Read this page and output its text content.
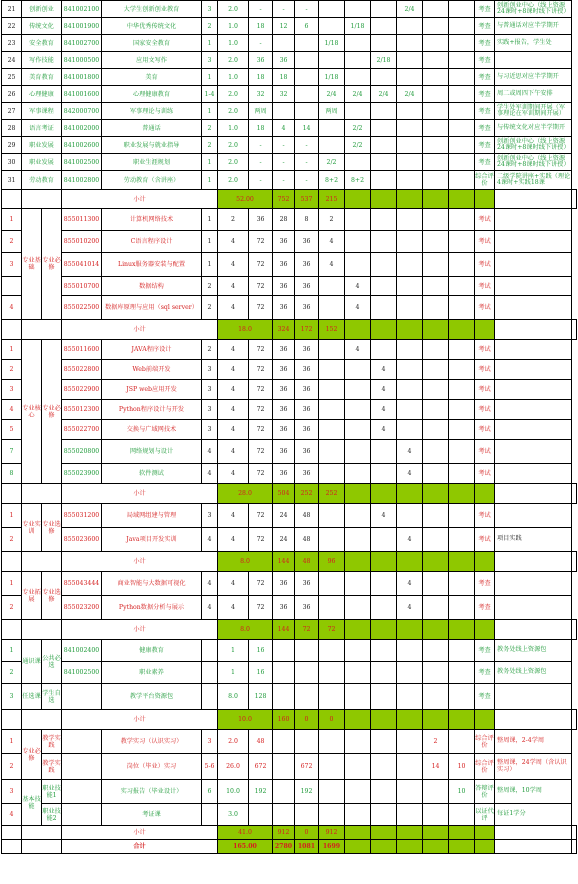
21	创新创业		841002100	大学生创新创业教育	3	2.0	-	-	-				2/4			考查	创新创业中心（线上资源24课时+8课时线下讲授）	
22	传统文化		841001900	中华优秀传统文化	2	1.0	18	12	6		1/18					考查	与普通话对应半学期开	
23	安全教育		841002700	国家安全教育	1	1.0	-			1/18						考查	实践+报告，学生处	
24	写作技能		841000500	应用文写作	3	2.0	36	36				2/18				考查		
25	美育教育		841001800	美育	1	1.0	18	18		1/18						考查	与习近思对应半学期开	
26	心理健康		841001600	心理健康教育	1-4	2.0	32	32		2/4	2/4	2/4	2/4			考查	周二或周四下午安排	
27	军事课程		842000700	军事理论与训练	1	2.0	两周			两周						考查	学生处军训期间开展（军事理论在军训期间开展）	
28	语言考证		841002000	普通话	2	1.0	18	4	14		2/2					考查	与传统文化对应半学期开	
29	职业发展		841002600	职业发展与就业指导	2	2.0	-	-	-		2/2					考查	创新创业中心（线上资源24课时+8课时线下讲授）	
30	职业发展		841002500	职业生涯规划	1	2.0	-	-	-	2/2						考查	创新创业中心（线上资源24课时+8课时线下讲授）	
31	劳动教育		841002800	劳动教育（含讲座）	1	2.0	-	-	-	8+2	8+2					综合评价	二级学院讲座+实践（理论4课时+实践18课	
			小计			52.00		752	537	215								
1	专业基础	专业必修	855011300	计算机网络技术	1	2	36	28	8	2						考试		
2			855010200	C语言程序设计	1	4	72	36	36	4						考试		
3			855041014	Linux服务器安装与配置	1	4	72	36	36	4						考试		
			855010700	数据结构	2	4	72	36	36		4					考试		
4			855022500	数据库原理与应用（sql server）	2	4	72	36	36		4					考试		
			小计			18.0		324	172	152								
1	专业核心	专业必修	855011600	JAVA程序设计	2	4	72	36	36		4					考试		
2			855022800	Web前端开发	3	4	72	36	36			4				考试		
3			855022900	JSP web应用开发	3	4	72	36	36			4				考试		
4			855012300	Python程序设计与开发	3	4	72	36	36			4				考试		
5			855022700	交换与广域网技术	3	4	72	36	36			4				考试		
7			855020800	网络规划与设计	4	4	72	36	36				4			考试		
8			855023900	软件测试	4	4	72	36	36				4			考试		
			小计			28.0		504	252	252								
1	专业实训	专业选修	855031200	局域网组建与管理	3	4	72	24	48			4				考试		
2			855023600	Java项目开发实训	4	4	72	24	48				4			考试	项目实践	
			小计			8.0		144	48	96								
1	专业拓展	专业选修	855043444	商业智能与大数据可视化	4	4	72	36	36				4			考查		
2			855023200	Python数据分析与展示	4	4	72	36	36				4			考查		
			小计			8.0		144	72	72								
1	通识课	公共必选	841002400	健康教育		1	16									考查	教务处线上资源包	
2			841002500	职业素养		1	16									考查	教务处线上资源包	
3	任选课	学生自选		教学平台资源包		8.0	128									考查		
			小计			10.0		160	0	0								
1	专业必修	教学实践		教学实习（认识实习）	3	2.0	48							2		综合评价	整周课，2-4学周	
2		教学实践		岗位（毕业）实习	5-6	26.0	672		672					14	10	综合评价	整周课，24学周（含认识实习）	
3	基本技能	职业技能1		实习报告（毕业设计）	6	10.0	192		192						10	答辩评价	整周课，10学周	
4		职业技能2		考证课		3.0										以证代评	每证1学分	
			小计			41.0		912	0	912								
			合计			165.00		2780	1081	1699								
